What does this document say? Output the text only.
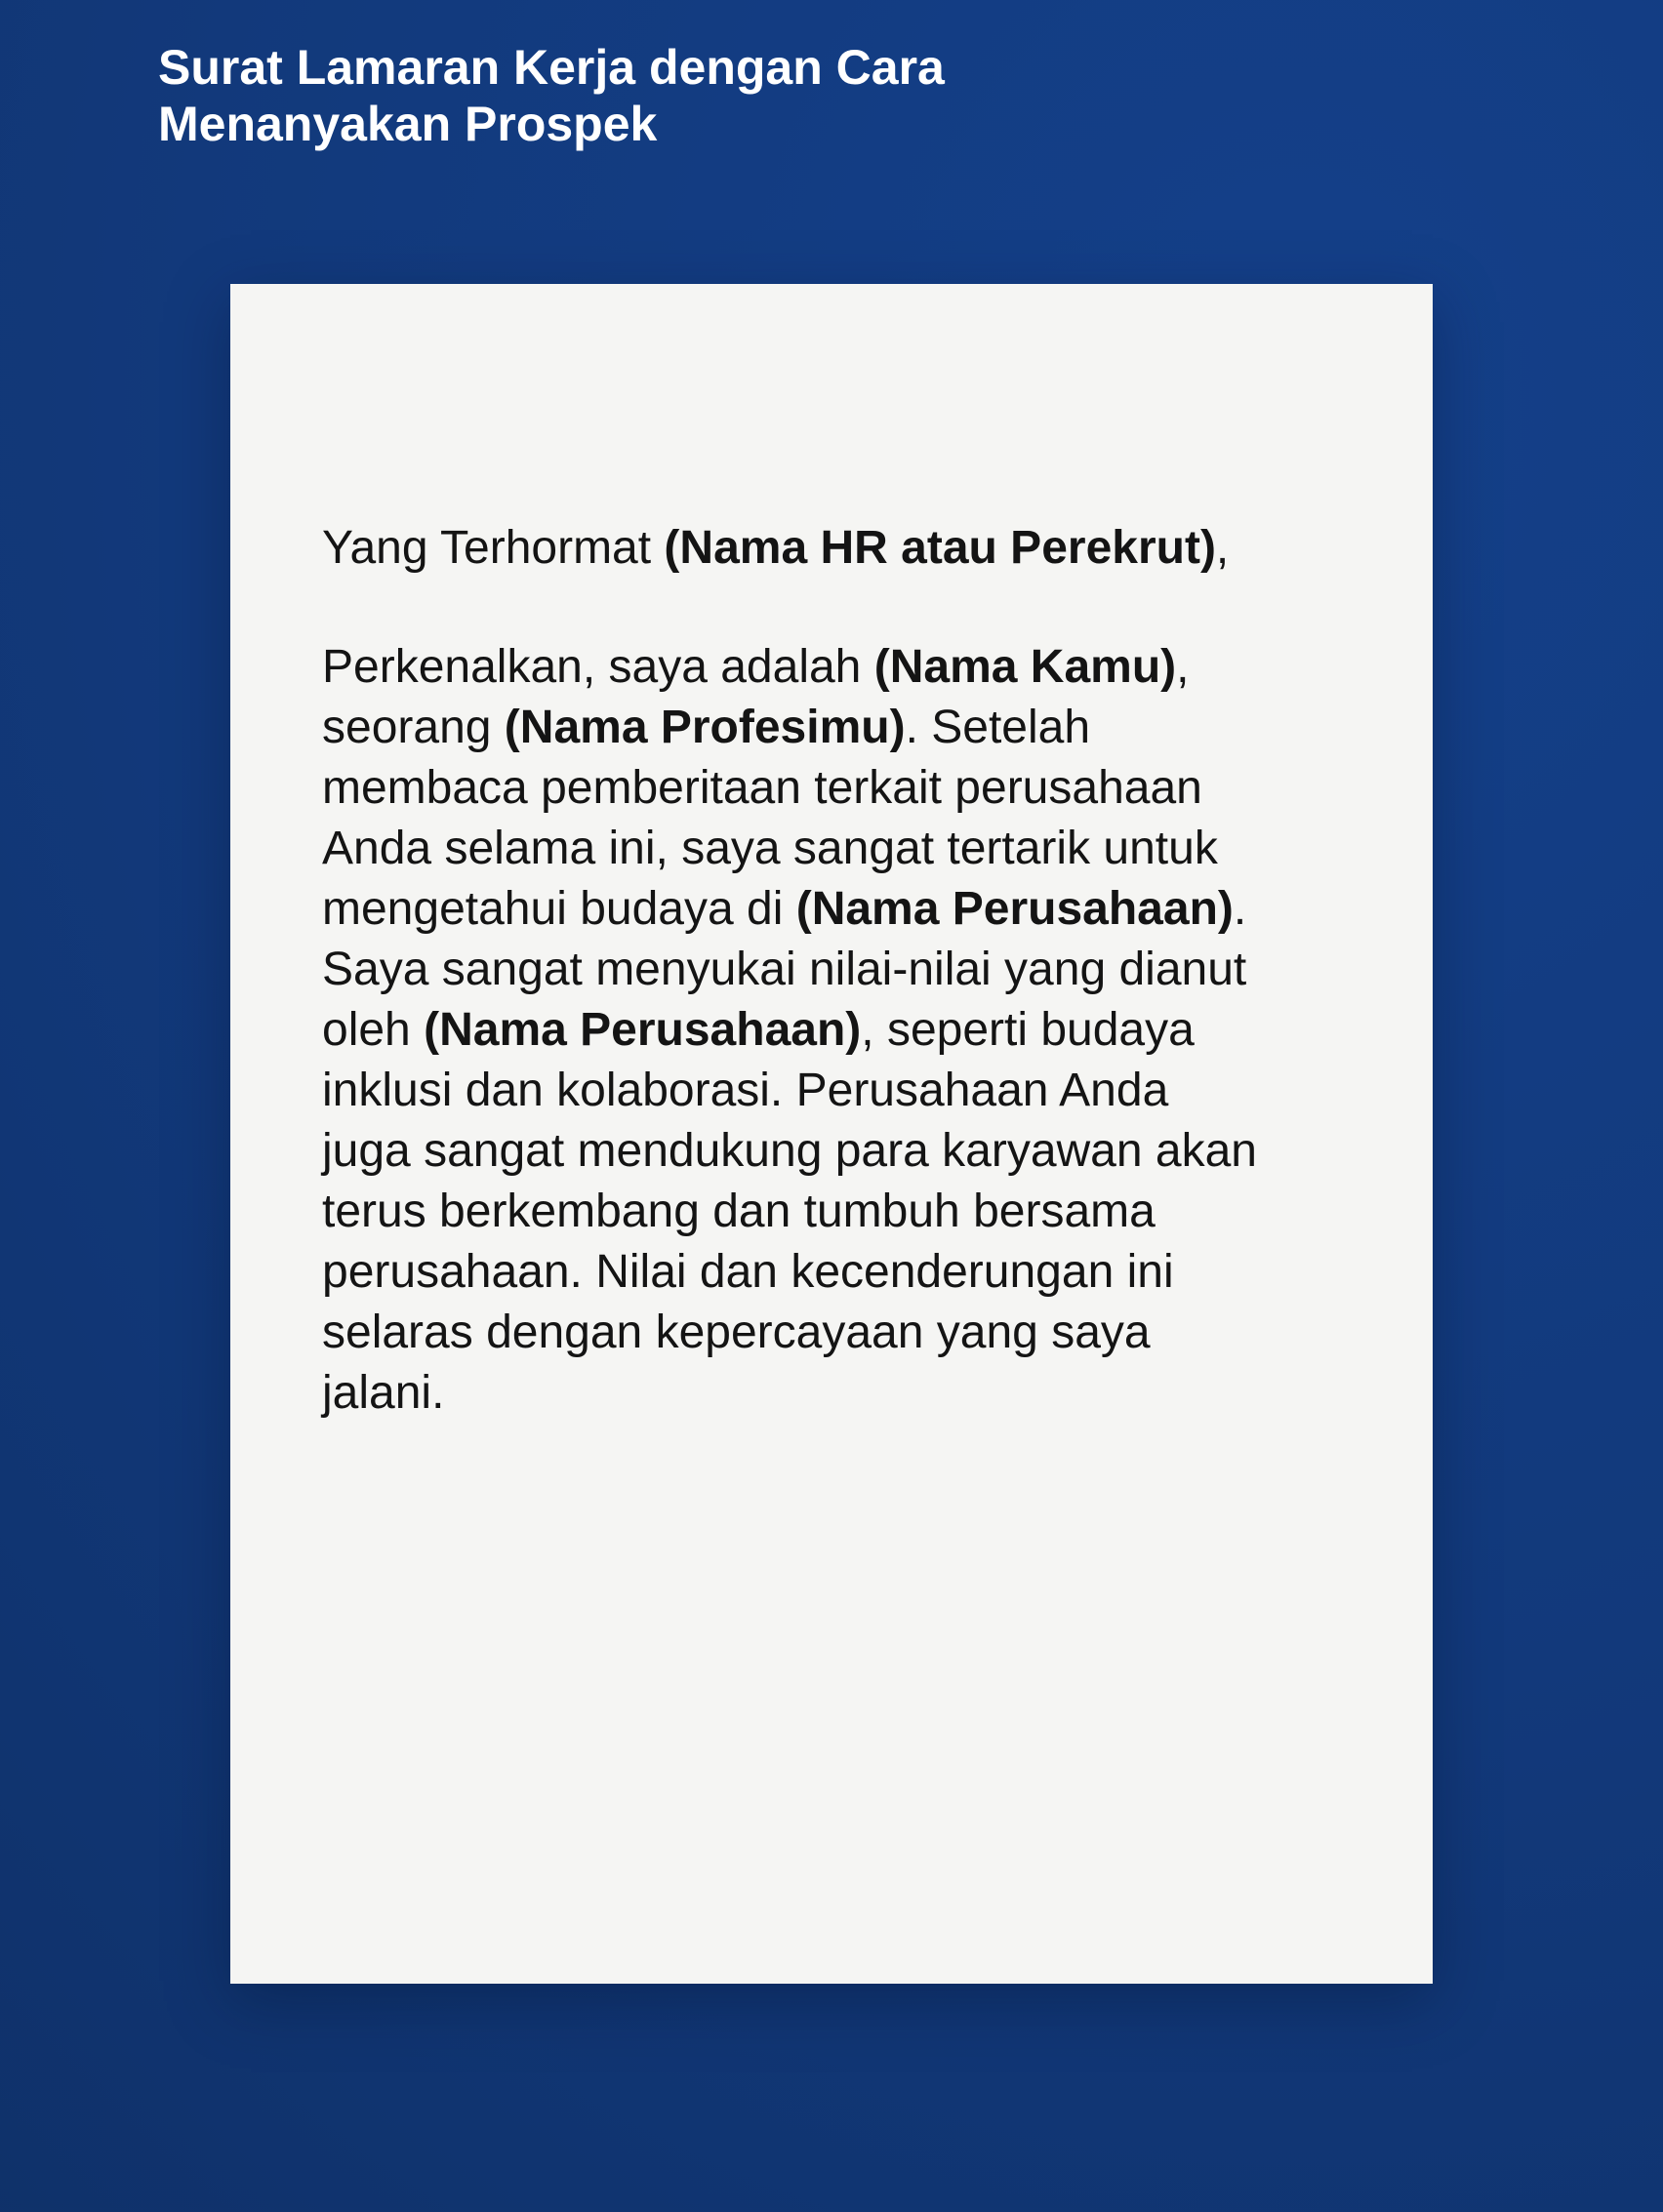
Surat Lamaran Kerja dengan Cara
Menanyakan Prospek

Yang Terhormat (Nama HR atau Perekrut),

Perkenalkan, saya adalah (Nama Kamu),
seorang (Nama Profesimu). Setelah
membaca pemberitaan terkait perusahaan
Anda selama ini, saya sangat tertarik untuk
mengetahui budaya di (Nama Perusahaan).
Saya sangat menyukai nilai-nilai yang dianut
oleh (Nama Perusahaan), seperti budaya
inklusi dan kolaborasi. Perusahaan Anda
juga sangat mendukung para karyawan akan
terus berkembang dan tumbuh bersama
perusahaan. Nilai dan kecenderungan ini
selaras dengan kepercayaan yang saya
jalani.
